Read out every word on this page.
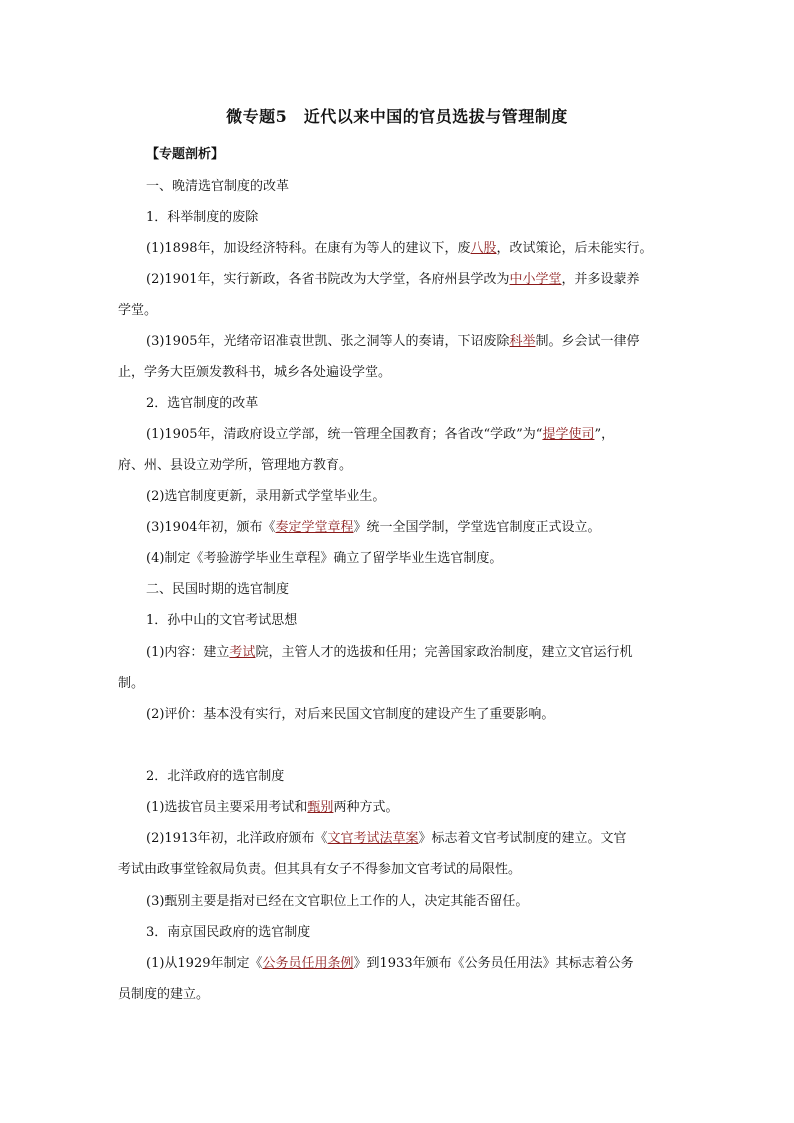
微专题5　近代以来中国的官员选拔与管理制度
【专题剖析】
一、晚清选官制度的改革
1．科举制度的废除
(1)1898年，加设经济特科。在康有为等人的建议下，废八股，改试策论，后未能实行。
(2)1901年，实行新政，各省书院改为大学堂，各府州县学改为中小学堂，并多设蒙养
学堂。
(3)1905年，光绪帝诏准袁世凯、张之洞等人的奏请，下诏废除科举制。乡会试一律停
止，学务大臣颁发教科书，城乡各处遍设学堂。
2．选官制度的改革
(1)1905年，清政府设立学部，统一管理全国教育；各省改“学政”为“提学使司”，
府、州、县设立劝学所，管理地方教育。
(2)选官制度更新，录用新式学堂毕业生。
(3)1904年初，颁布《奏定学堂章程》统一全国学制，学堂选官制度正式设立。
(4)制定《考验游学毕业生章程》确立了留学毕业生选官制度。
二、民国时期的选官制度
1．孙中山的文官考试思想
(1)内容：建立考试院，主管人才的选拔和任用；完善国家政治制度，建立文官运行机
制。
(2)评价：基本没有实行，对后来民国文官制度的建设产生了重要影响。
2．北洋政府的选官制度
(1)选拔官员主要采用考试和甄别两种方式。
(2)1913年初，北洋政府颁布《文官考试法草案》标志着文官考试制度的建立。文官
考试由政事堂铨叙局负责。但其具有女子不得参加文官考试的局限性。
(3)甄别主要是指对已经在文官职位上工作的人，决定其能否留任。
3．南京国民政府的选官制度
(1)从1929年制定《公务员任用条例》到1933年颁布《公务员任用法》其标志着公务
员制度的建立。
